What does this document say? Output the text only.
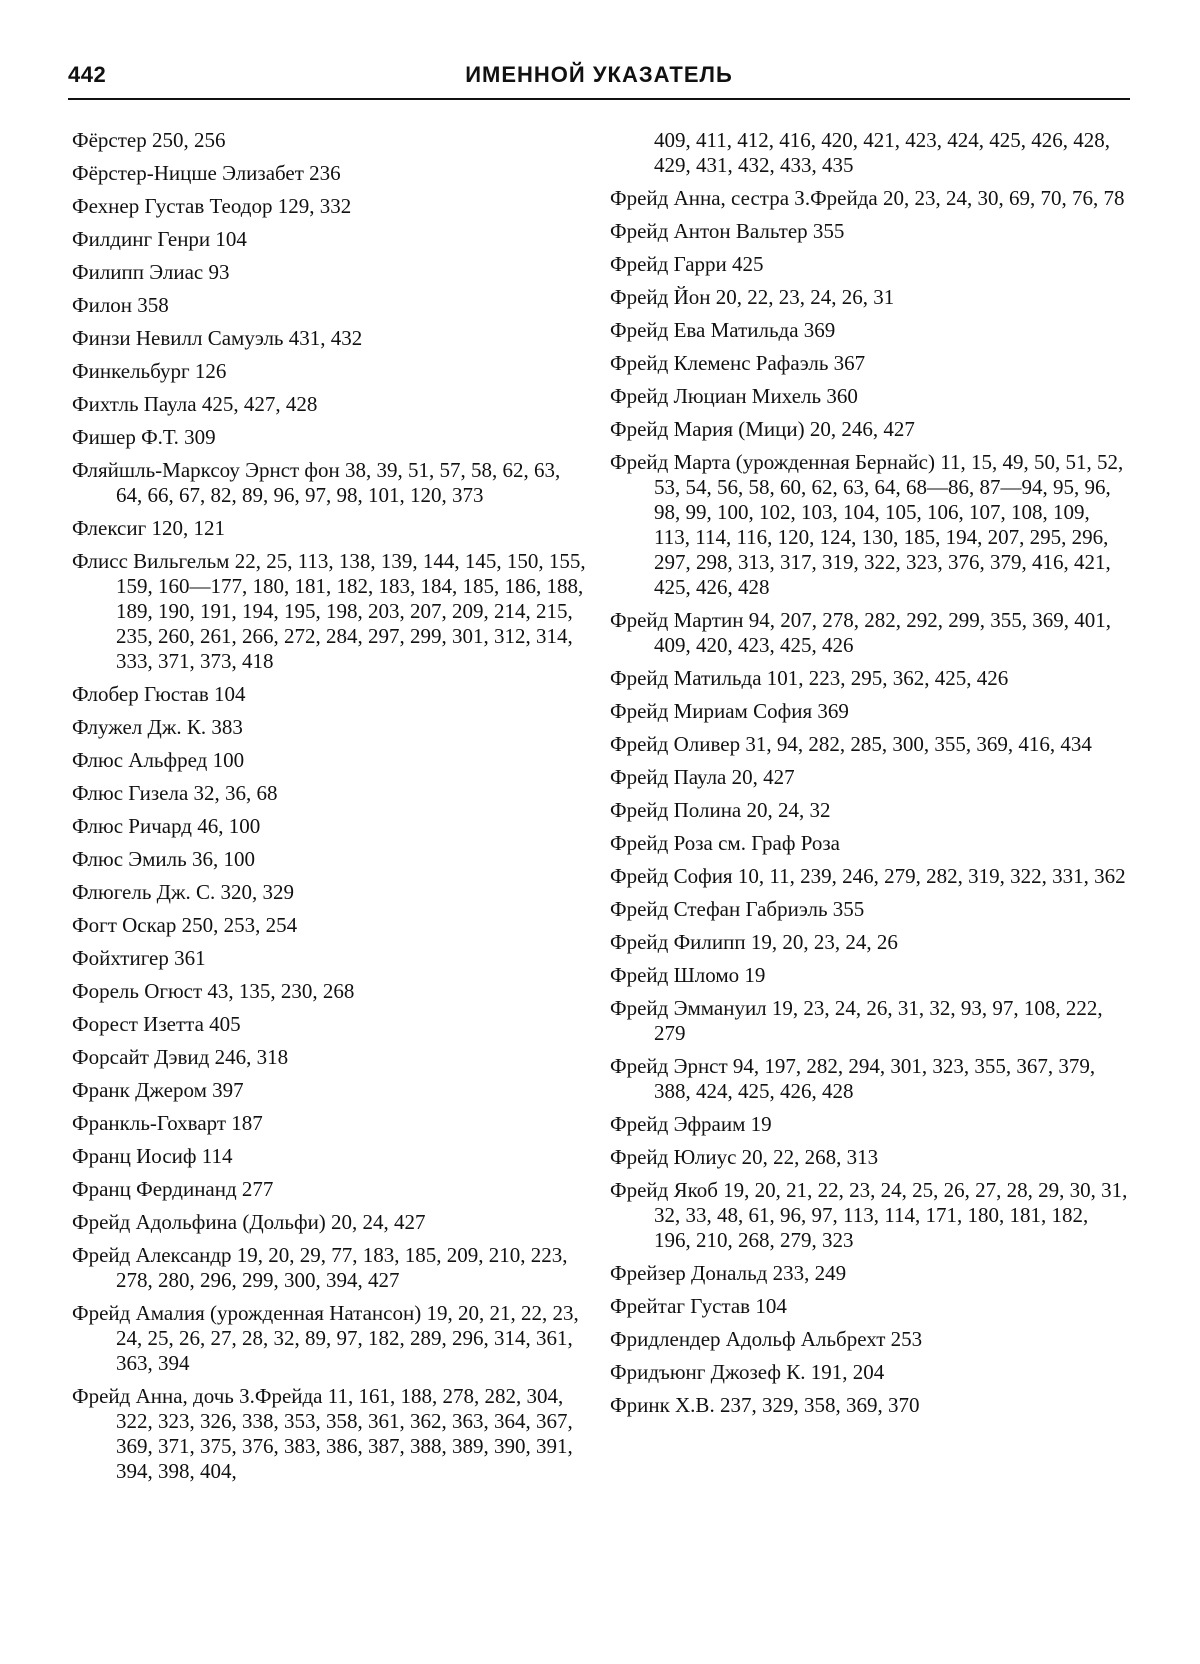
442	ИМЕННОЙ УКАЗАТЕЛЬ
Фёрстер 250, 256
Фёрстер-Ницше Элизабет 236
Фехнер Густав Теодор 129, 332
Филдинг Генри 104
Филипп Элиас 93
Филон 358
Финзи Невилл Самуэль 431, 432
Финкельбург 126
Фихтль Паула 425, 427, 428
Фишер Ф.Т. 309
Фляйшль-Марксоу Эрнст фон 38, 39, 51, 57, 58, 62, 63, 64, 66, 67, 82, 89, 96, 97, 98, 101, 120, 373
Флексиг 120, 121
Флисс Вильгельм 22, 25, 113, 138, 139, 144, 145, 150, 155, 159, 160—177, 180, 181, 182, 183, 184, 185, 186, 188, 189, 190, 191, 194, 195, 198, 203, 207, 209, 214, 215, 235, 260, 261, 266, 272, 284, 297, 299, 301, 312, 314, 333, 371, 373, 418
Флобер Гюстав 104
Флужел Дж. К. 383
Флюс Альфред 100
Флюс Гизела 32, 36, 68
Флюс Ричард 46, 100
Флюс Эмиль 36, 100
Флюгель Дж. С. 320, 329
Фогт Оскар 250, 253, 254
Фойхтигер 361
Форель Огюст 43, 135, 230, 268
Форест Изетта 405
Форсайт Дэвид 246, 318
Франк Джером 397
Франкль-Гохварт 187
Франц Иосиф 114
Франц Фердинанд 277
Фрейд Адольфина (Дольфи) 20, 24, 427
Фрейд Александр 19, 20, 29, 77, 183, 185, 209, 210, 223, 278, 280, 296, 299, 300, 394, 427
Фрейд Амалия (урожденная Натансон) 19, 20, 21, 22, 23, 24, 25, 26, 27, 28, 32, 89, 97, 182, 289, 296, 314, 361, 363, 394
Фрейд Анна, дочь З.Фрейда 11, 161, 188, 278, 282, 304, 322, 323, 326, 338, 353, 358, 361, 362, 363, 364, 367, 369, 371, 375, 376, 383, 386, 387, 388, 389, 390, 391, 394, 398, 404,
409, 411, 412, 416, 420, 421, 423, 424, 425, 426, 428, 429, 431, 432, 433, 435
Фрейд Анна, сестра З.Фрейда 20, 23, 24, 30, 69, 70, 76, 78
Фрейд Антон Вальтер 355
Фрейд Гарри 425
Фрейд Йон 20, 22, 23, 24, 26, 31
Фрейд Ева Матильда 369
Фрейд Клеменс Рафаэль 367
Фрейд Люциан Михель 360
Фрейд Мария (Мици) 20, 246, 427
Фрейд Марта (урожденная Бернайс) 11, 15, 49, 50, 51, 52, 53, 54, 56, 58, 60, 62, 63, 64, 68—86, 87—94, 95, 96, 98, 99, 100, 102, 103, 104, 105, 106, 107, 108, 109, 113, 114, 116, 120, 124, 130, 185, 194, 207, 295, 296, 297, 298, 313, 317, 319, 322, 323, 376, 379, 416, 421, 425, 426, 428
Фрейд Мартин 94, 207, 278, 282, 292, 299, 355, 369, 401, 409, 420, 423, 425, 426
Фрейд Матильда 101, 223, 295, 362, 425, 426
Фрейд Мириам София 369
Фрейд Оливер 31, 94, 282, 285, 300, 355, 369, 416, 434
Фрейд Паула 20, 427
Фрейд Полина 20, 24, 32
Фрейд Роза см. Граф Роза
Фрейд София 10, 11, 239, 246, 279, 282, 319, 322, 331, 362
Фрейд Стефан Габриэль 355
Фрейд Филипп 19, 20, 23, 24, 26
Фрейд Шломо 19
Фрейд Эммануил 19, 23, 24, 26, 31, 32, 93, 97, 108, 222, 279
Фрейд Эрнст 94, 197, 282, 294, 301, 323, 355, 367, 379, 388, 424, 425, 426, 428
Фрейд Эфраим 19
Фрейд Юлиус 20, 22, 268, 313
Фрейд Якоб 19, 20, 21, 22, 23, 24, 25, 26, 27, 28, 29, 30, 31, 32, 33, 48, 61, 96, 97, 113, 114, 171, 180, 181, 182, 196, 210, 268, 279, 323
Фрейзер Дональд 233, 249
Фрейтаг Густав 104
Фридлендер Адольф Альбрехт 253
Фридъюнг Джозеф К. 191, 204
Фринк Х.В. 237, 329, 358, 369, 370
